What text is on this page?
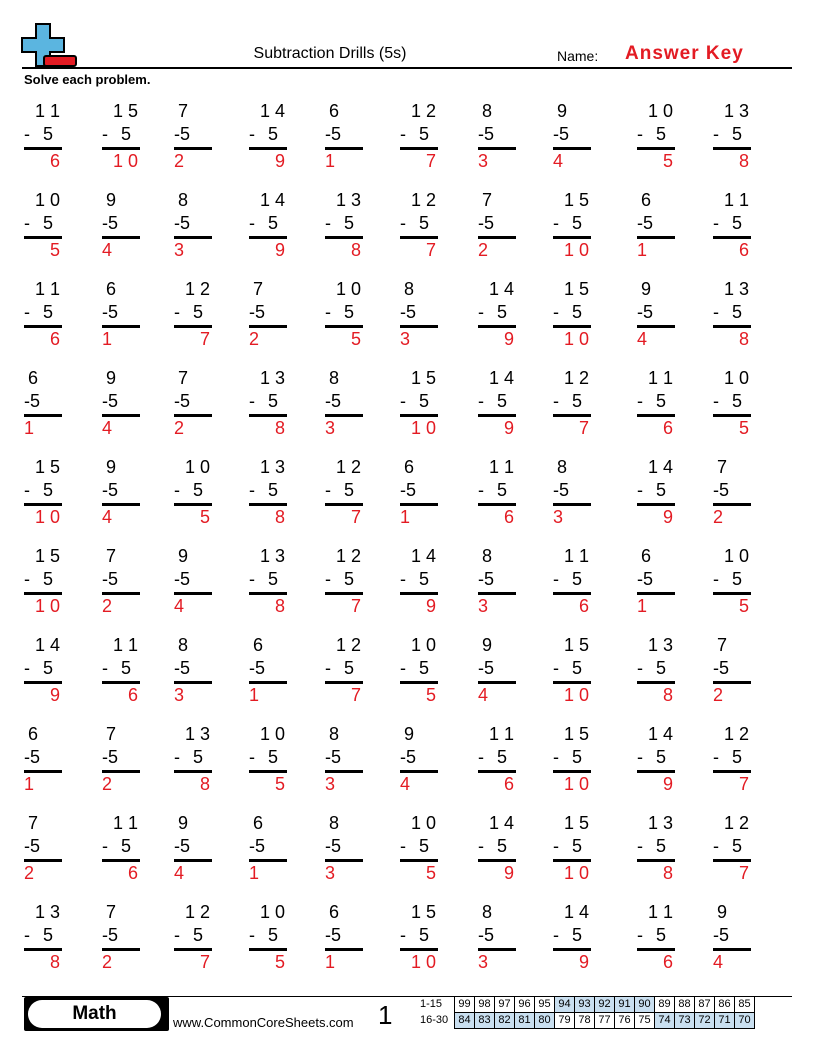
Subtraction Drills (5s)	Name: Answer Key
Solve each problem.
1 1
- 5
6
1 5
- 5
1 0
7
-5
2
1 4
- 5
9
6
-5
1
1 2
- 5
7
8
-5
3
9
-5
4
1 0
- 5
5
1 3
- 5
8
1 0
- 5
5
9
-5
4
8
-5
3
1 4
- 5
9
1 3
- 5
8
1 2
- 5
7
7
-5
2
1 5
- 5
1 0
6
-5
1
1 1
- 5
6
1 1
- 5
6
6
-5
1
1 2
- 5
7
7
-5
2
1 0
- 5
5
8
-5
3
1 4
- 5
9
1 5
- 5
1 0
9
-5
4
1 3
- 5
8
6
-5
1
9
-5
4
7
-5
2
1 3
- 5
8
8
-5
3
1 5
- 5
1 0
1 4
- 5
9
1 2
- 5
7
1 1
- 5
6
1 0
- 5
5
1 5
- 5
1 0
9
-5
4
1 0
- 5
5
1 3
- 5
8
1 2
- 5
7
6
-5
1
1 1
- 5
6
8
-5
3
1 4
- 5
9
7
-5
2
1 5
- 5
1 0
7
-5
2
9
-5
4
1 3
- 5
8
1 2
- 5
7
1 4
- 5
9
8
-5
3
1 1
- 5
6
6
-5
1
1 0
- 5
5
1 4
- 5
9
1 1
- 5
6
8
-5
3
6
-5
1
1 2
- 5
7
1 0
- 5
5
9
-5
4
1 5
- 5
1 0
1 3
- 5
8
7
-5
2
6
-5
1
7
-5
2
1 3
- 5
8
1 0
- 5
5
8
-5
3
9
-5
4
1 1
- 5
6
1 5
- 5
1 0
1 4
- 5
9
1 2
- 5
7
7
-5
2
1 1
- 5
6
9
-5
4
6
-5
1
8
-5
3
1 0
- 5
5
1 4
- 5
9
1 5
- 5
1 0
1 3
- 5
8
1 2
- 5
7
1 3
- 5
8
7
-5
2
1 2
- 5
7
1 0
- 5
5
6
-5
1
1 5
- 5
1 0
8
-5
3
1 4
- 5
9
1 1
- 5
6
9
-5
4
Math	www.CommonCoreSheets.com 1	1-15	99	98	97	96	95	94	93	92	91	90	89	88	87	86	85
16-30	84	83	82	81	80	79	78	77	76	75	74	73	72	71	70
